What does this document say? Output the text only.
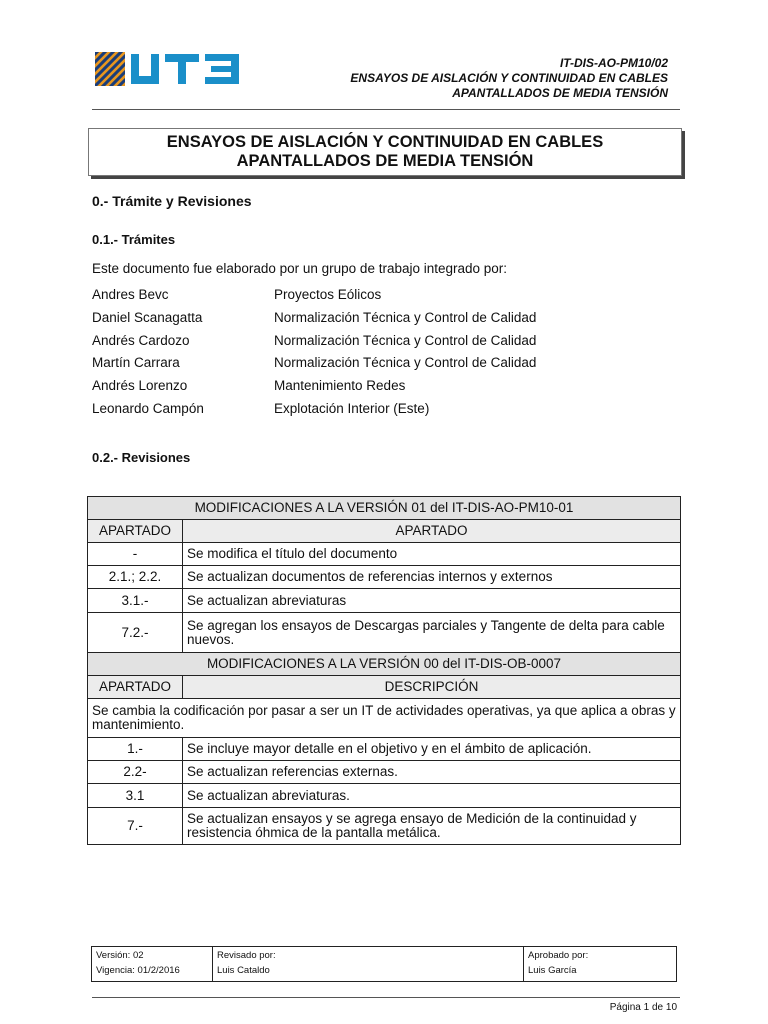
IT-DIS-AO-PM10/02
ENSAYOS DE AISLACIÓN Y CONTINUIDAD EN CABLES
APANTALLADOS DE MEDIA TENSIÓN
ENSAYOS DE AISLACIÓN Y CONTINUIDAD EN CABLES
APANTALLADOS DE MEDIA TENSIÓN
0.- Trámite y Revisiones
0.1.- Trámites
Este documento fue elaborado por un grupo de trabajo integrado por:
Andres Bevc	Proyectos Eólicos
Daniel Scanagatta	Normalización Técnica y Control de Calidad
Andrés Cardozo	Normalización Técnica y Control de Calidad
Martín Carrara	Normalización Técnica y Control de Calidad
Andrés Lorenzo	Mantenimiento Redes
Leonardo Campón	Explotación Interior (Este)
0.2.- Revisiones
MODIFICACIONES A LA VERSIÓN 01 del IT-DIS-AO-PM10-01	
APARTADO	APARTADO
-	Se modifica el título del documento
2.1.; 2.2.	Se actualizan documentos de referencias internos y externos
3.1.-	Se actualizan abreviaturas
7.2.-	Se agregan los ensayos de Descargas parciales y Tangente de delta para cable nuevos.
MODIFICACIONES A LA VERSIÓN 00 del IT-DIS-OB-0007	
APARTADO	DESCRIPCIÓN
Se cambia la codificación por pasar a ser un IT de actividades operativas, ya que aplica a obras y mantenimiento.	
1.-	Se incluye mayor detalle en el objetivo y en el ámbito de aplicación.
2.2-	Se actualizan referencias externas.
3.1	Se actualizan abreviaturas.
7.-	Se actualizan ensayos y se agrega ensayo de Medición de la continuidad y resistencia óhmica de la pantalla metálica.
Versión: 02
Vigencia: 01/2/2016

Revisado por:
Luis Cataldo

Aprobado por:
Luis García
Página 1 de 10
